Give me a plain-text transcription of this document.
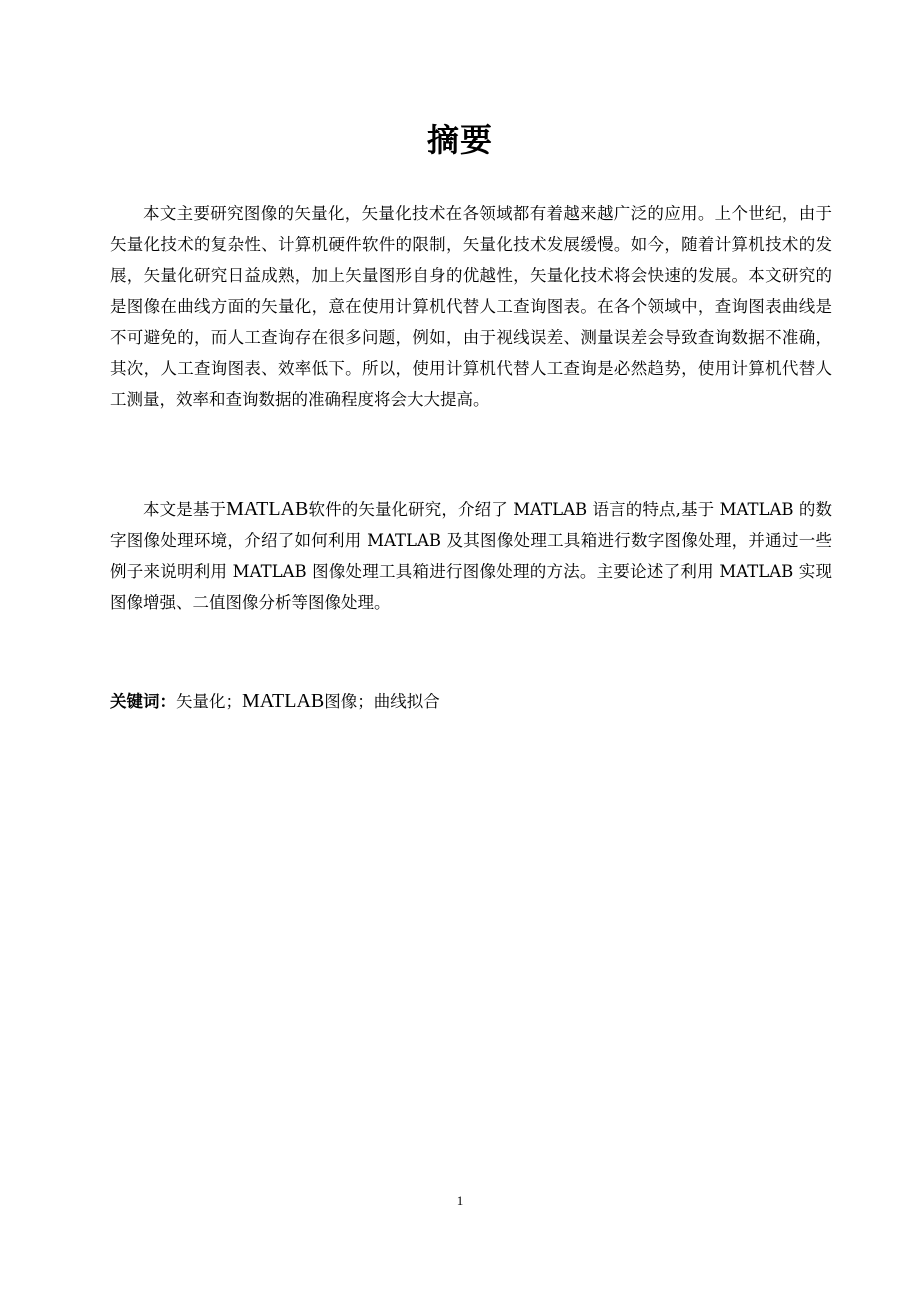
摘要

本文主要研究图像的矢量化，矢量化技术在各领域都有着越来越广泛的应用。上个世纪，由于矢量化技术的复杂性、计算机硬件软件的限制，矢量化技术发展缓慢。如今，随着计算机技术的发展，矢量化研究日益成熟，加上矢量图形自身的优越性，矢量化技术将会快速的发展。本文研究的是图像在曲线方面的矢量化，意在使用计算机代替人工查询图表。在各个领域中，查询图表曲线是不可避免的，而人工查询存在很多问题，例如，由于视线误差、测量误差会导致查询数据不准确，其次，人工查询图表、效率低下。所以，使用计算机代替人工查询是必然趋势，使用计算机代替人工测量，效率和查询数据的准确程度将会大大提高。

本文是基于MATLAB软件的矢量化研究，介绍了 MATLAB 语言的特点,基于 MATLAB 的数字图像处理环境，介绍了如何利用 MATLAB 及其图像处理工具箱进行数字图像处理，并通过一些例子来说明利用 MATLAB 图像处理工具箱进行图像处理的方法。主要论述了利用 MATLAB 实现图像增强、二值图像分析等图像处理。

关键词：矢量化；MATLAB图像；曲线拟合
1
